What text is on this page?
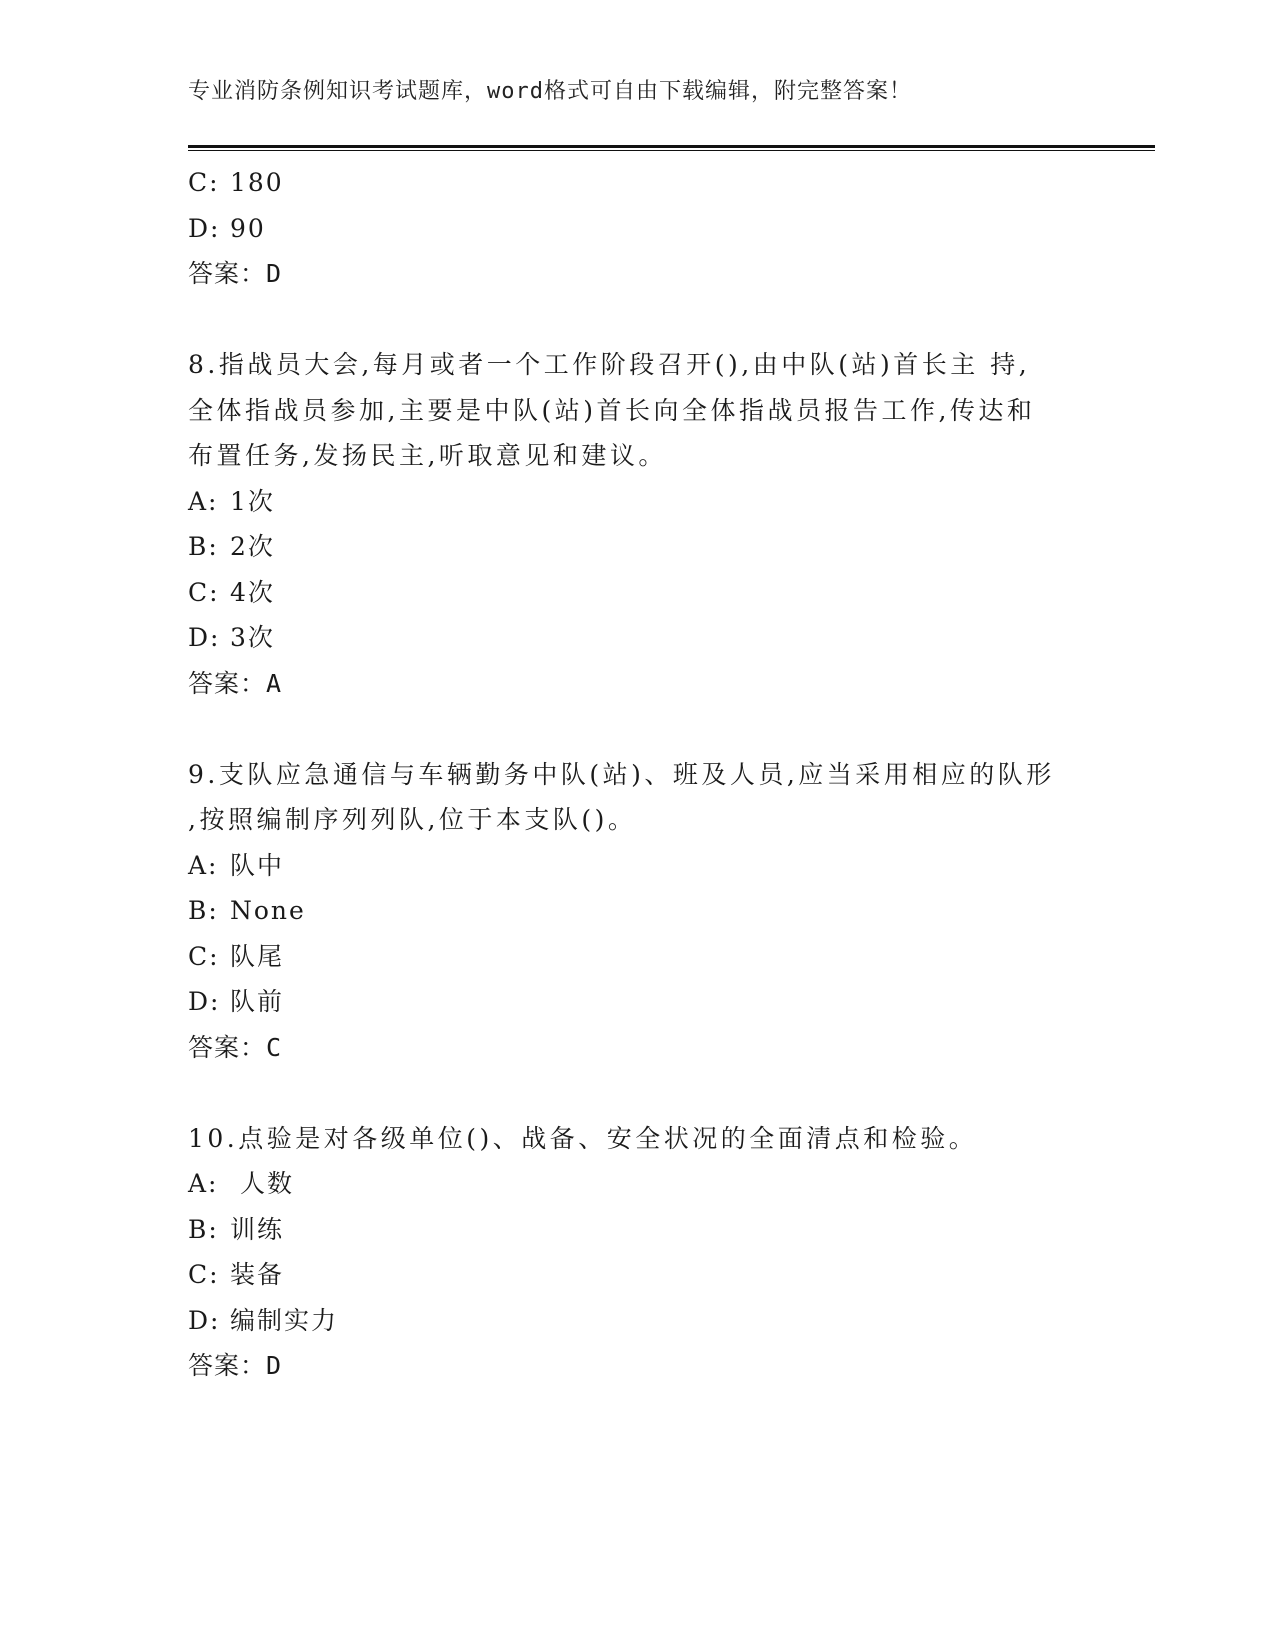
专业消防条例知识考试题库，word格式可自由下载编辑，附完整答案！
C: 180
D: 90
答案：D
8.指战员大会,每月或者一个工作阶段召开(),由中队(站)首长主 持,
全体指战员参加,主要是中队(站)首长向全体指战员报告工作,传达和
布置任务,发扬民主,听取意见和建议。
A: 1次
B: 2次
C: 4次
D: 3次
答案：A
9.支队应急通信与车辆勤务中队(站)、班及人员,应当采用相应的队形
,按照编制序列列队,位于本支队()。
A: 队中
B: None
C: 队尾
D: 队前
答案：C
10.点验是对各级单位()、战备、安全状况的全面清点和检验。
A: 人数
B: 训练
C: 装备
D: 编制实力
答案：D
